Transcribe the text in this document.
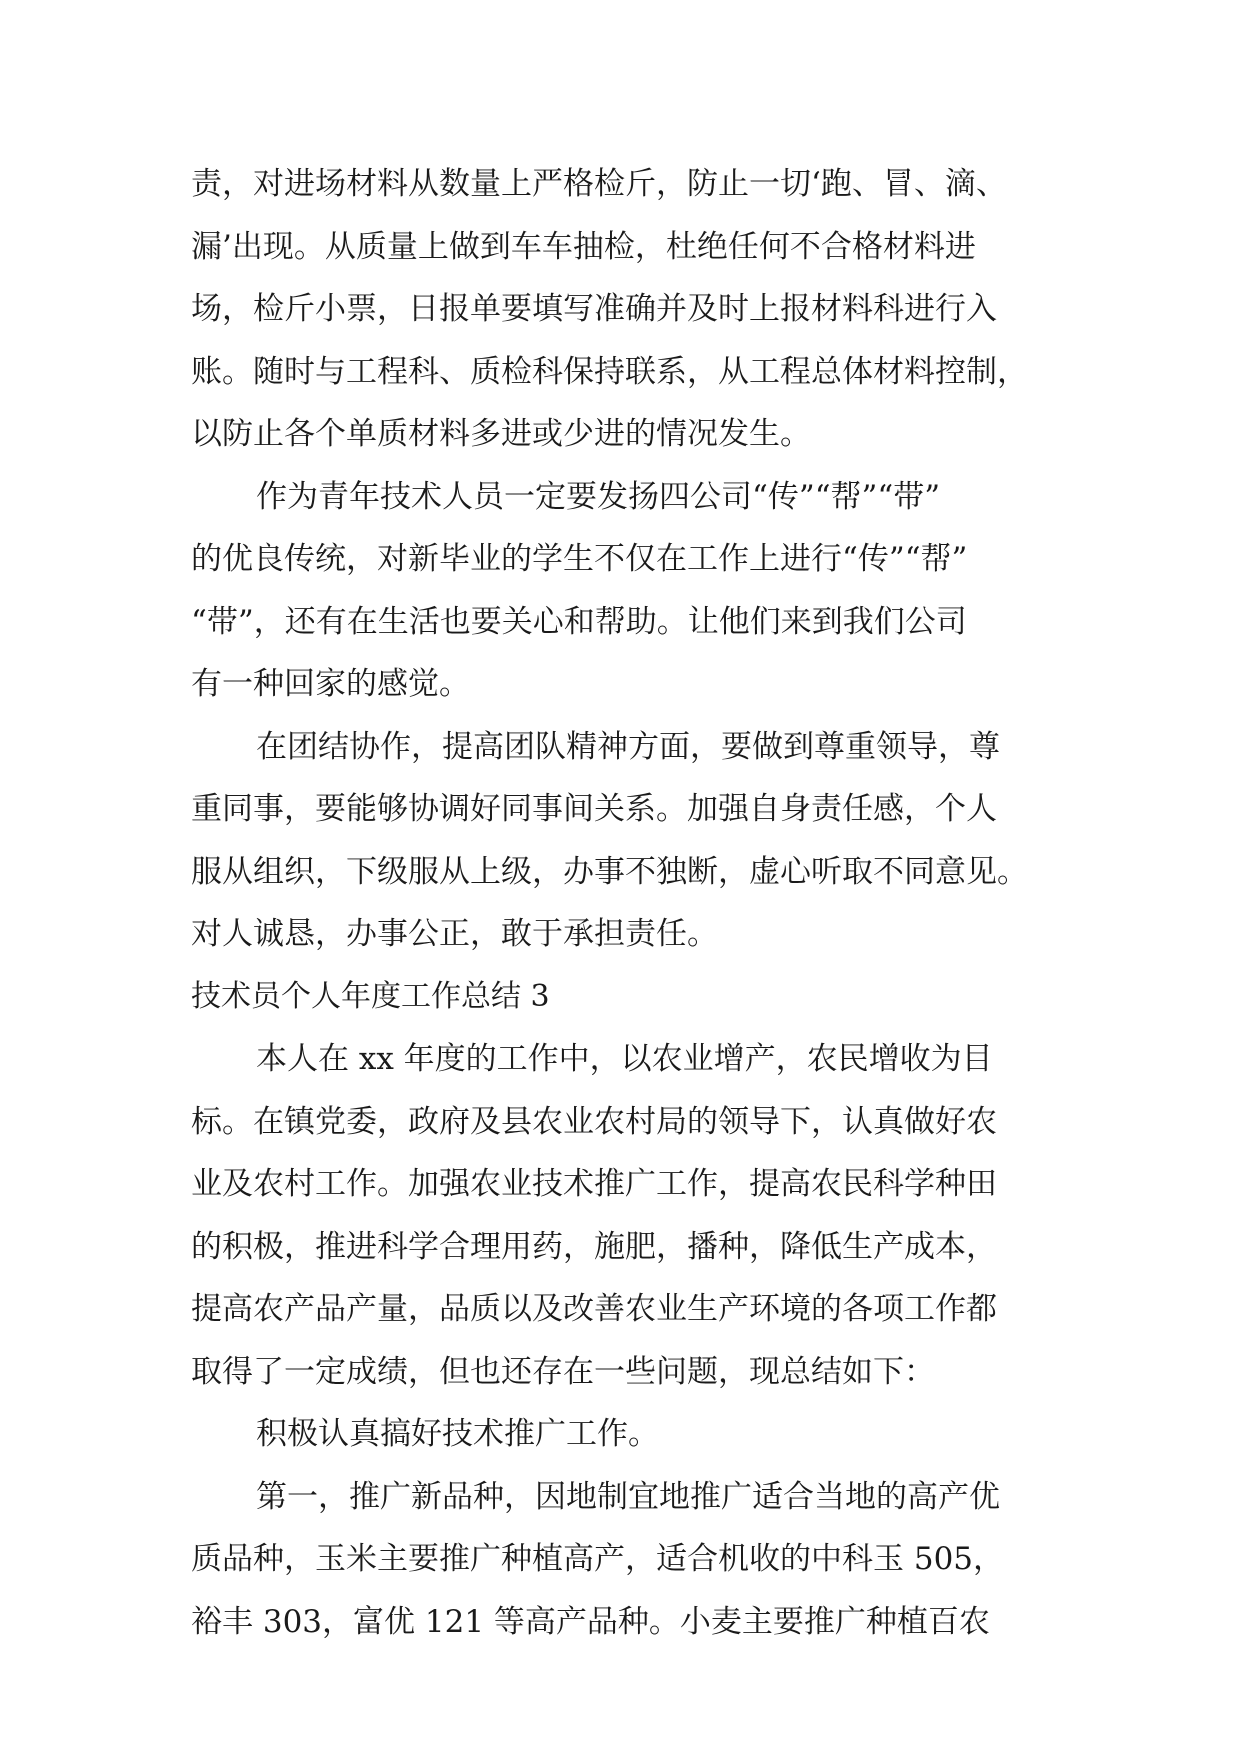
责，对进场材料从数量上严格检斤，防止一切‘跑、冒、滴、
漏’出现。从质量上做到车车抽检，杜绝任何不合格材料进
场，检斤小票，日报单要填写准确并及时上报材料科进行入
账。随时与工程科、质检科保持联系，从工程总体材料控制，
以防止各个单质材料多进或少进的情况发生。
作为青年技术人员一定要发扬四公司“传”“帮”“带”
的优良传统，对新毕业的学生不仅在工作上进行“传”“帮”
“带”，还有在生活也要关心和帮助。让他们来到我们公司
有一种回家的感觉。
在团结协作，提高团队精神方面，要做到尊重领导，尊
重同事，要能够协调好同事间关系。加强自身责任感，个人
服从组织，下级服从上级，办事不独断，虚心听取不同意见。
对人诚恳，办事公正，敢于承担责任。
技术员个人年度工作总结 3
本人在 xx 年度的工作中，以农业增产，农民增收为目
标。在镇党委，政府及县农业农村局的领导下，认真做好农
业及农村工作。加强农业技术推广工作，提高农民科学种田
的积极，推进科学合理用药，施肥，播种，降低生产成本，
提高农产品产量，品质以及改善农业生产环境的各项工作都
取得了一定成绩，但也还存在一些问题，现总结如下：
积极认真搞好技术推广工作。
第一，推广新品种，因地制宜地推广适合当地的高产优
质品种，玉米主要推广种植高产，适合机收的中科玉 505，
裕丰 303，富优 121 等高产品种。小麦主要推广种植百农
